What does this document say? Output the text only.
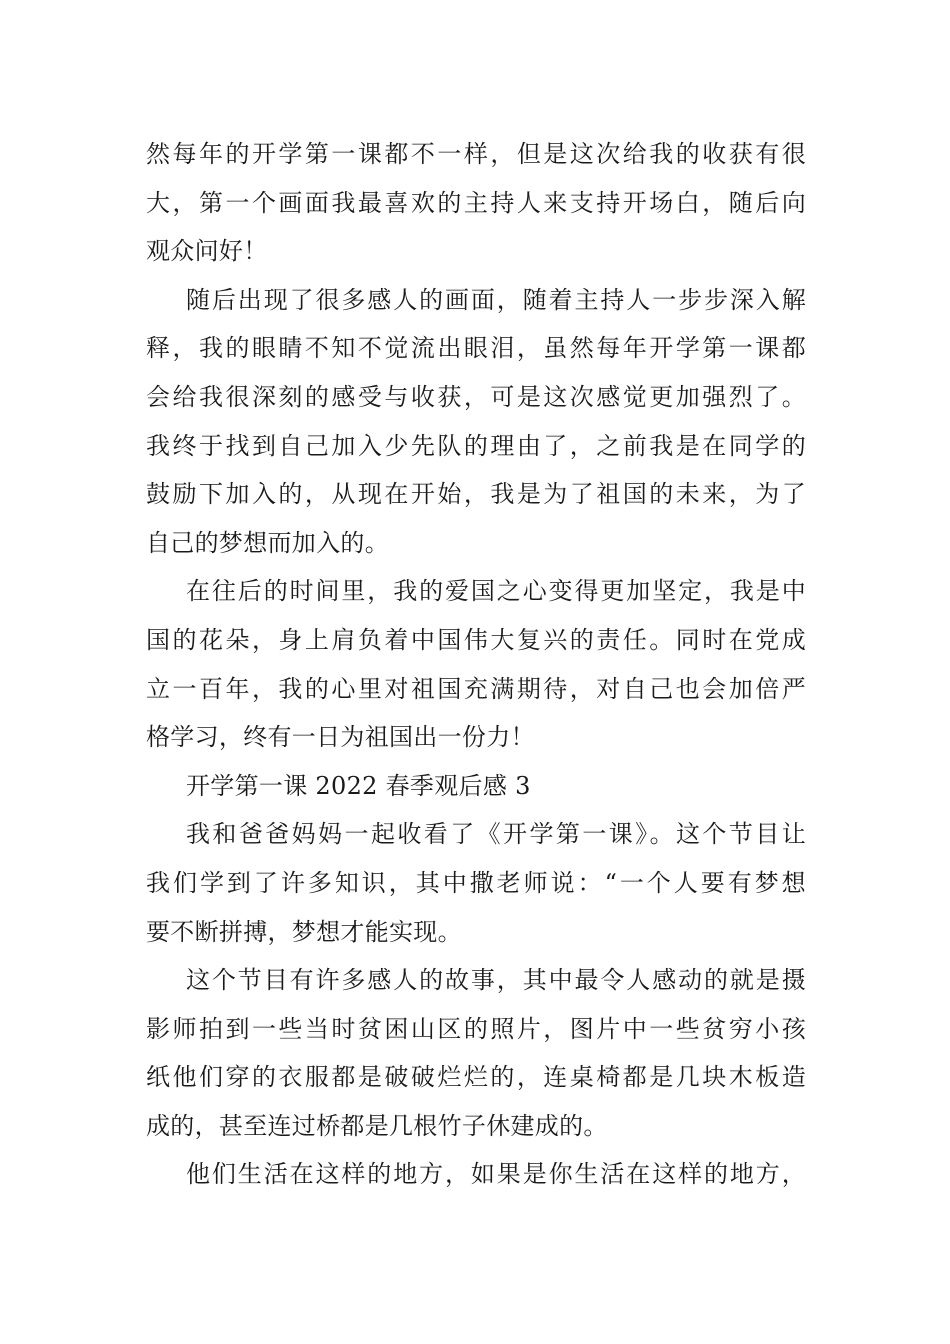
然每年的开学第一课都不一样，但是这次给我的收获有很
大，第一个画面我最喜欢的主持人来支持开场白，随后向
观众问好！
随后出现了很多感人的画面，随着主持人一步步深入解
释，我的眼睛不知不觉流出眼泪，虽然每年开学第一课都
会给我很深刻的感受与收获，可是这次感觉更加强烈了。
我终于找到自己加入少先队的理由了，之前我是在同学的
鼓励下加入的，从现在开始，我是为了祖国的未来，为了
自己的梦想而加入的。
在往后的时间里，我的爱国之心变得更加坚定，我是中
国的花朵，身上肩负着中国伟大复兴的责任。同时在党成
立一百年，我的心里对祖国充满期待，对自己也会加倍严
格学习，终有一日为祖国出一份力！
开学第一课 2022 春季观后感 3
我和爸爸妈妈一起收看了《开学第一课》。这个节目让
我们学到了许多知识，其中撒老师说：“一个人要有梦想
要不断拼搏，梦想才能实现。
这个节目有许多感人的故事，其中最令人感动的就是摄
影师拍到一些当时贫困山区的照片，图片中一些贫穷小孩
纸他们穿的衣服都是破破烂烂的，连桌椅都是几块木板造
成的，甚至连过桥都是几根竹子休建成的。
他们生活在这样的地方，如果是你生活在这样的地方，
